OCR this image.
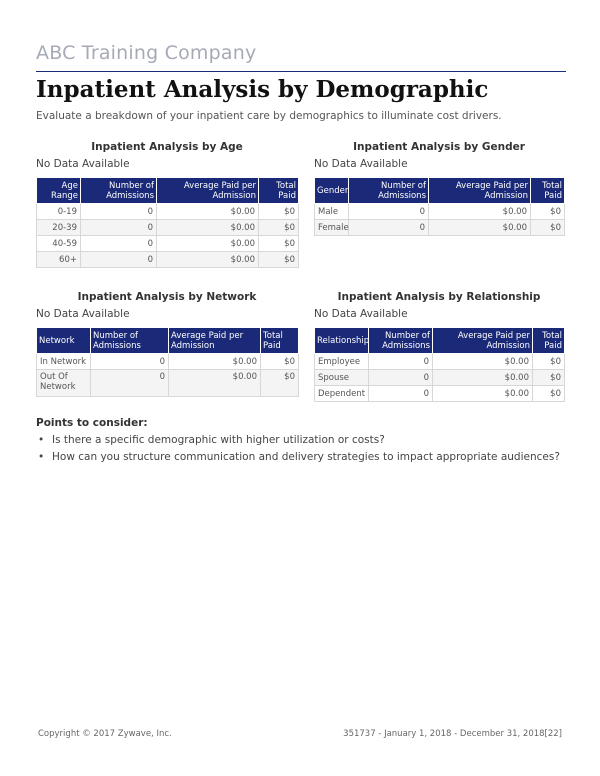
ABC Training Company
Inpatient Analysis by Demographic
Evaluate a breakdown of your inpatient care by demographics to illuminate cost drivers.
Inpatient Analysis by Age
No Data Available
Age Range	Number of Admissions	Average Paid per Admission	Total Paid
0-19	0	$0.00	$0
20-39	0	$0.00	$0
40-59	0	$0.00	$0
60+	0	$0.00	$0
Inpatient Analysis by Gender
No Data Available
Gender	Number of Admissions	Average Paid per Admission	Total Paid
Male	0	$0.00	$0
Female	0	$0.00	$0
Inpatient Analysis by Network
No Data Available
Network	Number of Admissions	Average Paid per Admission	Total Paid
In Network	0	$0.00	$0
Out Of Network	0	$0.00	$0
Inpatient Analysis by Relationship
No Data Available
Relationship	Number of Admissions	Average Paid per Admission	Total Paid
Employee	0	$0.00	$0
Spouse	0	$0.00	$0
Dependent	0	$0.00	$0
Points to consider:
• Is there a specific demographic with higher utilization or costs?
• How can you structure communication and delivery strategies to impact appropriate audiences?
Copyright © 2017 Zywave, Inc.	351737 - January 1, 2018 - December 31, 2018[22]
